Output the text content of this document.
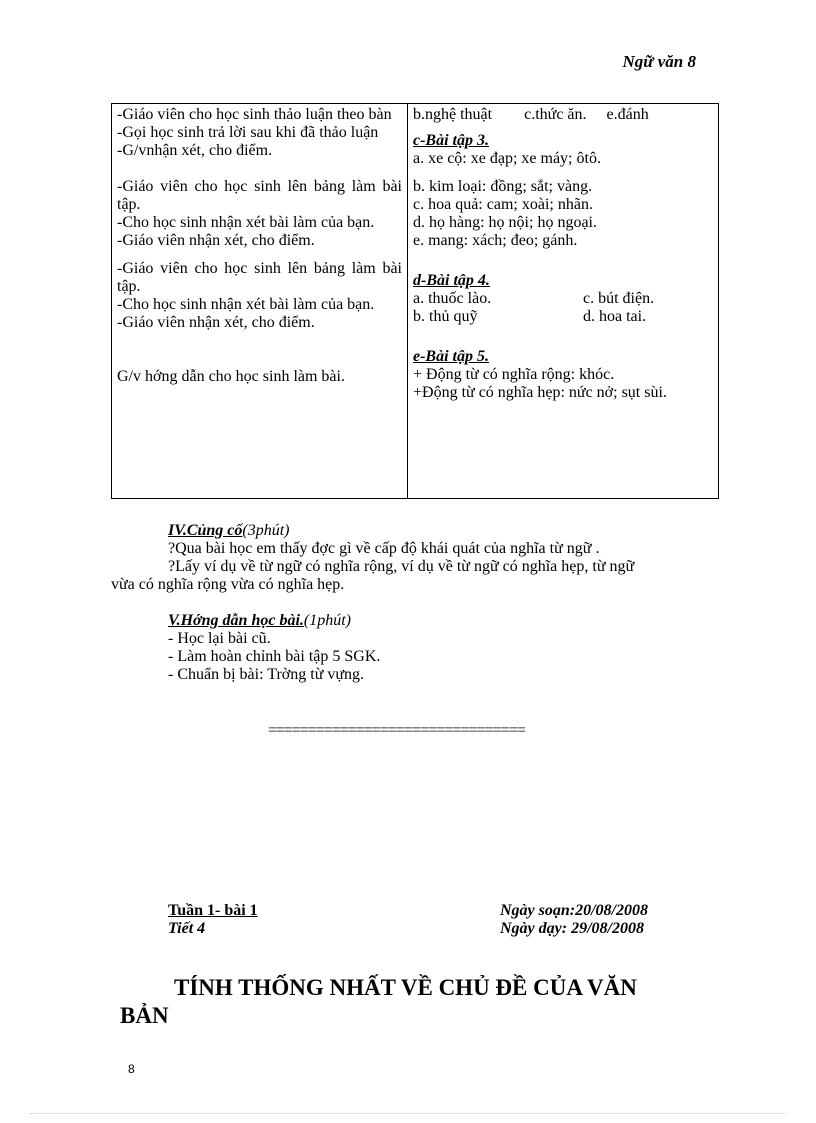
Ngữ văn 8
-Giáo viên cho học sinh thảo luận theo bàn
-Gọi học sinh trả lời sau khi đã thảo luận
-G/vnhận xét, cho điểm.
-Giáo viên cho học sinh lên bảng làm bài tập.
-Cho học sinh nhận xét bài làm của bạn.
-Giáo viên nhận xét, cho điểm.
-Giáo viên cho học sinh lên bảng làm bài tập.
-Cho học sinh nhận xét bài làm của bạn.
-Giáo viên nhận xét, cho điểm.
G/v hớng dẫn cho học sinh làm bài.

b.nghệ thuật        c.thức ăn.     e.đánh
c-Bài tập 3.
a. xe cộ: xe đạp; xe máy; ôtô.
b. kim loại: đồng; sắt; vàng.
c. hoa quả: cam; xoài; nhãn.
d. họ hàng: họ nội; họ ngoại.
e. mang: xách; đeo; gánh.
d-Bài tập 4.
a. thuốc lào.	c. bút điện.
b. thủ quỹ	d. hoa tai.
e-Bài tập 5.
+ Động từ có nghĩa rộng: khóc.
+Động từ có nghĩa hẹp: nức nở; sụt sùi.
IV.Củng cố(3phút)
?Qua bài học em thấy đợc gì về cấp độ khái quát của nghĩa từ ngữ .
?Lấy ví dụ về từ ngữ có nghĩa rộng, ví dụ về từ ngữ có nghĩa hẹp, từ ngữ
vừa có nghĩa rộng vừa có nghĩa hẹp.
V.Hớng dẫn học bài.(1phút)
- Học lại bài cũ.
- Làm hoàn chỉnh bài tập 5 SGK.
- Chuẩn bị bài: Trờng từ vựng.
================================
Tuần 1- bài 1
Tiết 4
Ngày soạn:20/08/2008
Ngày dạy: 29/08/2008
TÍNH THỐNG NHẤT VỀ CHỦ ĐỀ CỦA VĂN
BẢN
8
